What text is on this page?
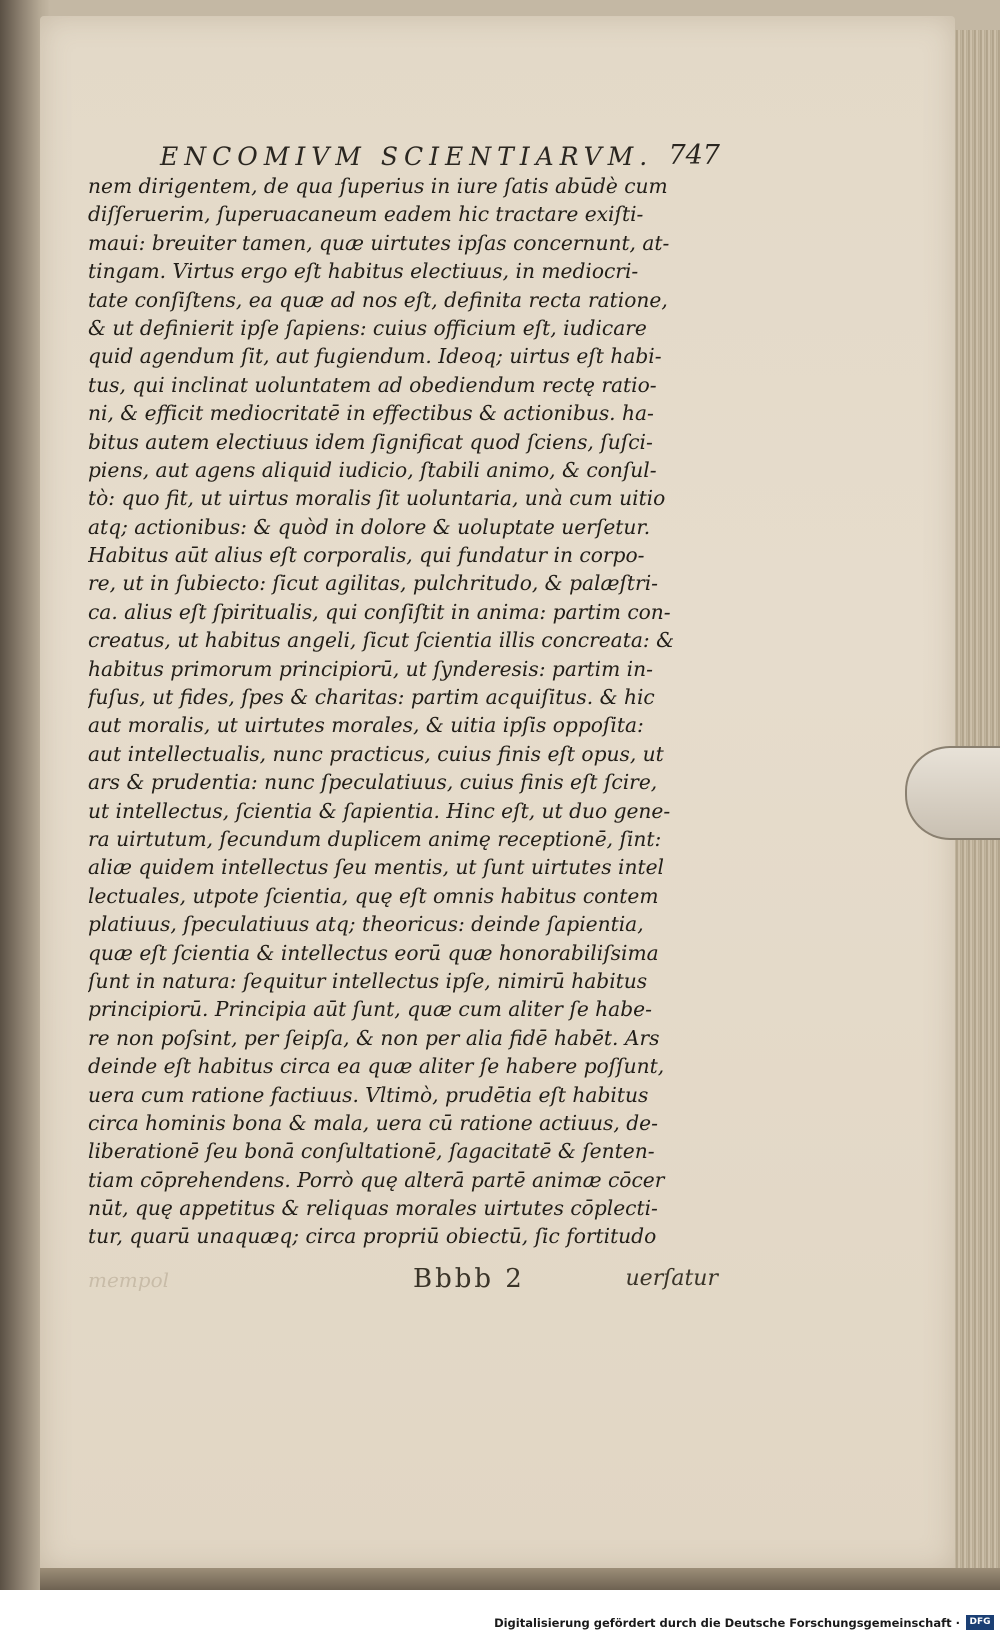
ENCOMIVM SCIENTIARVM. 747
nem dirigentem, de qua ſuperius in iure ſatis abūdè cum
diſſeruerim, ſuperuacaneum eadem hic tractare exiſti-
maui: breuiter tamen, quæ uirtutes ipſas concernunt, at-
tingam. Virtus ergo eſt habitus electiuus, in mediocri-
tate conſiſtens, ea quæ ad nos eſt, definita recta ratione,
& ut definierit ipſe ſapiens: cuius officium eſt, iudicare
quid agendum ſit, aut fugiendum. Ideoq; uirtus eſt habi-
tus, qui inclinat uoluntatem ad obediendum rectę ratio-
ni, & efficit mediocritatē in effectibus & actionibus. ha-
bitus autem electiuus idem ſignificat quod ſciens, ſuſci-
piens, aut agens aliquid iudicio, ſtabili animo, & conſul-
tò: quo fit, ut uirtus moralis ſit uoluntaria, unà cum uitio
atq; actionibus: & quòd in dolore & uoluptate uerſetur.
Habitus aūt alius eſt corporalis, qui fundatur in corpo-
re, ut in ſubiecto: ſicut agilitas, pulchritudo, & palæſtri-
ca. alius eſt ſpiritualis, qui conſiſtit in anima: partim con-
creatus, ut habitus angeli, ſicut ſcientia illis concreata: &
habitus primorum principiorū, ut ſynderesis: partim in-
fuſus, ut fides, ſpes & charitas: partim acquiſitus. & hic
aut moralis, ut uirtutes morales, & uitia ipſis oppoſita:
aut intellectualis, nunc practicus, cuius finis eſt opus, ut
ars & prudentia: nunc ſpeculatiuus, cuius finis eſt ſcire,
ut intellectus, ſcientia & ſapientia. Hinc eſt, ut duo gene-
ra uirtutum, ſecundum duplicem animę receptionē, ſint:
aliæ quidem intellectus ſeu mentis, ut ſunt uirtutes intel
lectuales, utpote ſcientia, quę eſt omnis habitus contem
platiuus, ſpeculatiuus atq; theoricus: deinde ſapientia,
quæ eſt ſcientia & intellectus eorū quæ honorabiliſsima
ſunt in natura: ſequitur intellectus ipſe, nimirū habitus
principiorū. Principia aūt ſunt, quæ cum aliter ſe habe-
re non poſsint, per ſeipſa, & non per alia fidē habēt. Ars
deinde eſt habitus circa ea quæ aliter ſe habere poſſunt,
uera cum ratione factiuus. Vltimò, prudētia eſt habitus
circa hominis bona & mala, uera cū ratione actiuus, de-
liberationē ſeu bonā conſultationē, ſagacitatē & ſenten-
tiam cōprehendens. Porrò quę alterā partē animæ cōcer
nūt, quę appetitus & reliquas morales uirtutes cōplecti-
tur, quarū unaquæq; circa propriū obiectū, ſic fortitudo
mempol	Bbbb 2	uerſatur
Digitalisierung gefördert durch die Deutsche Forschungsgemeinschaft ·	DFG
